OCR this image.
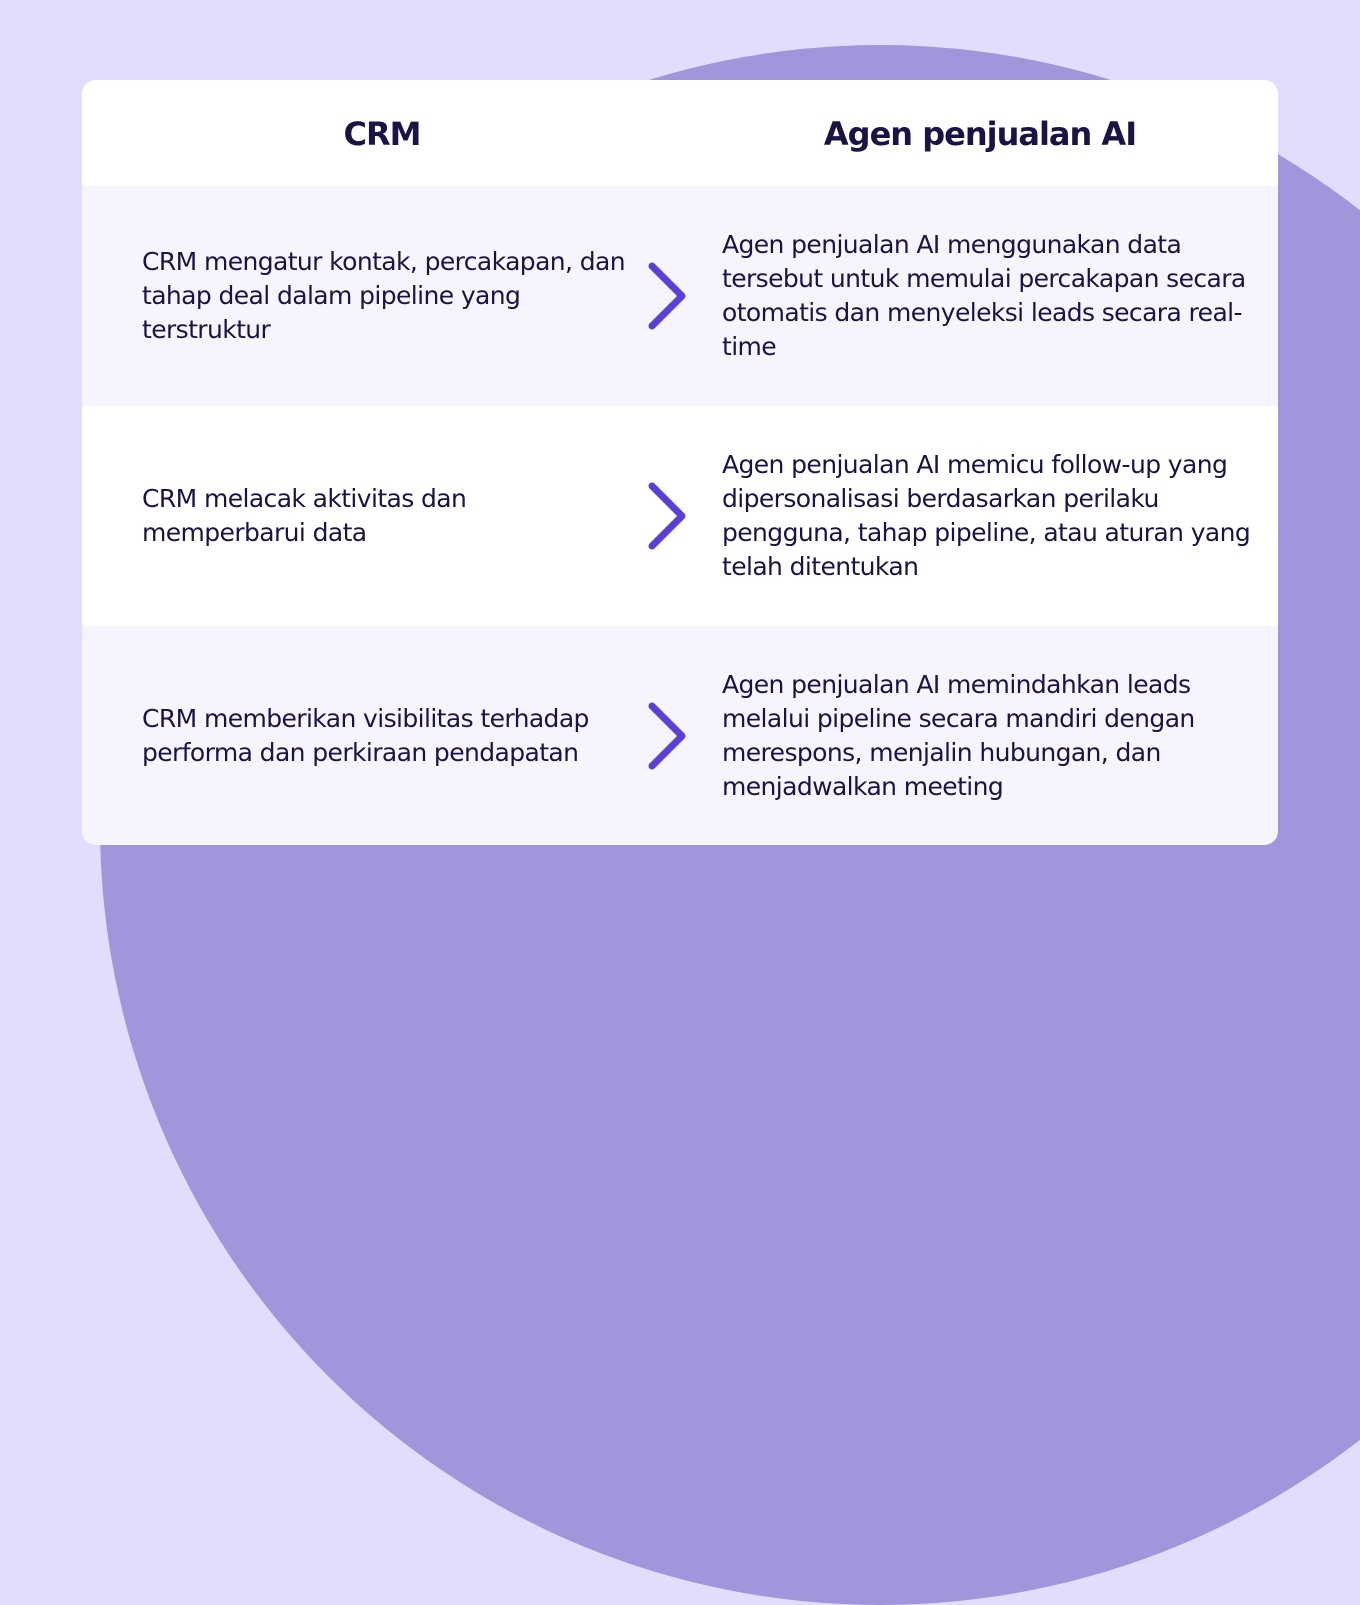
CRM	Agen penjualan AI

CRM mengatur kontak, percakapan, dan tahap deal dalam pipeline yang terstruktur

Agen penjualan AI menggunakan data tersebut untuk memulai percakapan secara otomatis dan menyeleksi leads secara real-time

CRM melacak aktivitas dan memperbarui data

Agen penjualan AI memicu follow-up yang dipersonalisasi berdasarkan perilaku pengguna, tahap pipeline, atau aturan yang telah ditentukan

CRM memberikan visibilitas terhadap performa dan perkiraan pendapatan

Agen penjualan AI memindahkan leads melalui pipeline secara mandiri dengan merespons, menjalin hubungan, dan menjadwalkan meeting
